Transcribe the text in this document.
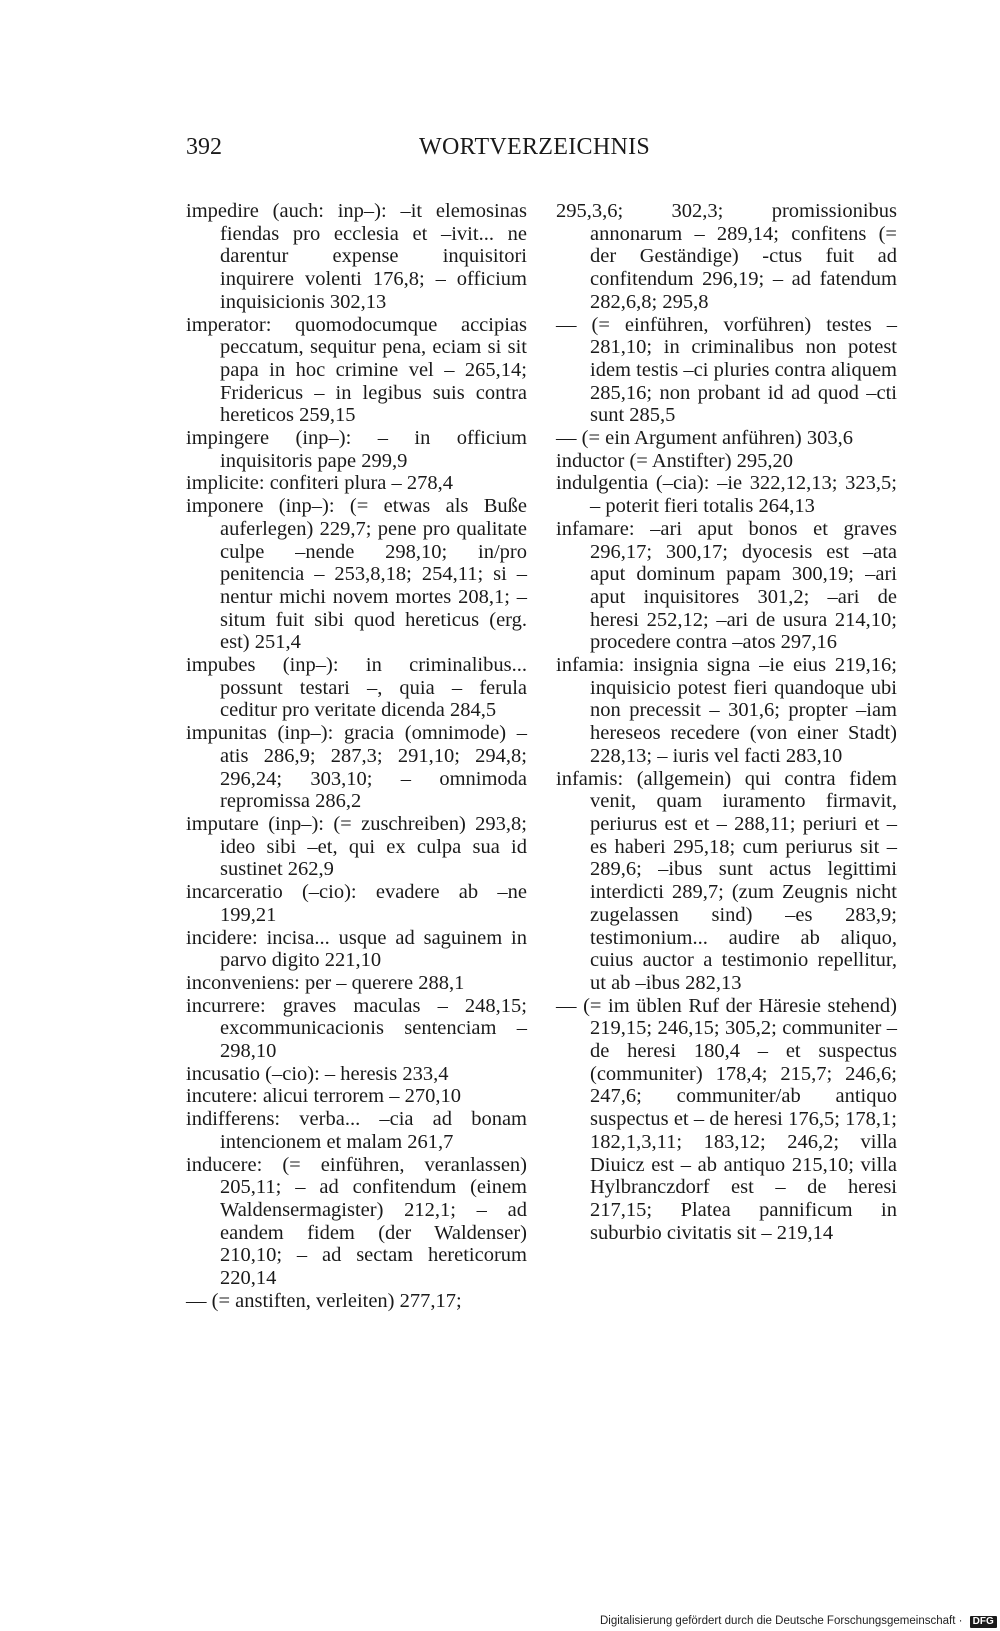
392	WORTVERZEICHNIS

impedire (auch: inp–): –it elemosinas fiendas pro ecclesia et –ivit... ne darentur expense inquisitori inquirere volenti 176,8; – officium inquisicionis 302,13

imperator: quomodocumque accipias peccatum, sequitur pena, eciam si sit papa in hoc crimine vel – 265,14; Fridericus – in legibus suis contra hereticos 259,15

impingere (inp–): – in officium inquisitoris pape 299,9

implicite: confiteri plura – 278,4

imponere (inp–): (= etwas als Buße auferlegen) 229,7; pene pro qualitate culpe –nende 298,10; in/pro penitencia – 253,8,18; 254,11; si –nentur michi novem mortes 208,1; –situm fuit sibi quod hereticus (erg. est) 251,4

impubes (inp–): in criminalibus... possunt testari –, quia – ferula ceditur pro veritate dicenda 284,5

impunitas (inp–): gracia (omnimode) –atis 286,9; 287,3; 291,10; 294,8; 296,24; 303,10; – omnimoda repromissa 286,2

imputare (inp–): (= zuschreiben) 293,8; ideo sibi –et, qui ex culpa sua id sustinet 262,9

incarceratio (–cio): evadere ab –ne 199,21

incidere: incisa... usque ad saguinem in parvo digito 221,10

inconveniens: per – querere 288,1

incurrere: graves maculas – 248,15; excommunicacionis sentenciam – 298,10

incusatio (–cio): – heresis 233,4

incutere: alicui terrorem – 270,10

indifferens: verba... –cia ad bonam intencionem et malam 261,7

inducere: (= einführen, veranlassen) 205,11; – ad confitendum (einem Waldensermagister) 212,1; – ad eandem fidem (der Waldenser) 210,10; – ad sectam hereticorum 220,14

— (= anstiften, verleiten) 277,17;

295,3,6; 302,3; promissionibus annonarum – 289,14; confitens (= der Geständige) -ctus fuit ad confitendum 296,19; – ad fatendum 282,6,8; 295,8

— (= einführen, vorführen) testes – 281,10; in criminalibus non potest idem testis –ci pluries contra aliquem 285,16; non probant id ad quod –cti sunt 285,5

— (= ein Argument anführen) 303,6

inductor (= Anstifter) 295,20

indulgentia (–cia): –ie 322,12,13; 323,5; – poterit fieri totalis 264,13

infamare: –ari aput bonos et graves 296,17; 300,17; dyocesis est –ata aput dominum papam 300,19; –ari aput inquisitores 301,2; –ari de heresi 252,12; –ari de usura 214,10; procedere contra –atos 297,16

infamia: insignia signa –ie eius 219,16; inquisicio potest fieri quandoque ubi non precessit – 301,6; propter –iam hereseos recedere (von einer Stadt) 228,13; – iuris vel facti 283,10

infamis: (allgemein) qui contra fidem venit, quam iuramento firmavit, periurus est et – 288,11; periuri et –es haberi 295,18; cum periurus sit – 289,6; –ibus sunt actus legittimi interdicti 289,7; (zum Zeugnis nicht zugelassen sind) –es 283,9; testimonium... audire ab aliquo, cuius auctor a testimonio repellitur, ut ab –ibus 282,13

— (= im üblen Ruf der Häresie stehend) 219,15; 246,15; 305,2; communiter – de heresi 180,4 – et suspectus (communiter) 178,4; 215,7; 246,6; 247,6; communiter/ab antiquo suspectus et – de heresi 176,5; 178,1; 182,1,3,11; 183,12; 246,2; villa Diuicz est – ab antiquo 215,10; villa Hylbranczdorf est – de heresi 217,15; Platea pannificum in suburbio civitatis sit – 219,14

Digitalisierung gefördert durch die Deutsche Forschungsgemeinschaft · DFG
